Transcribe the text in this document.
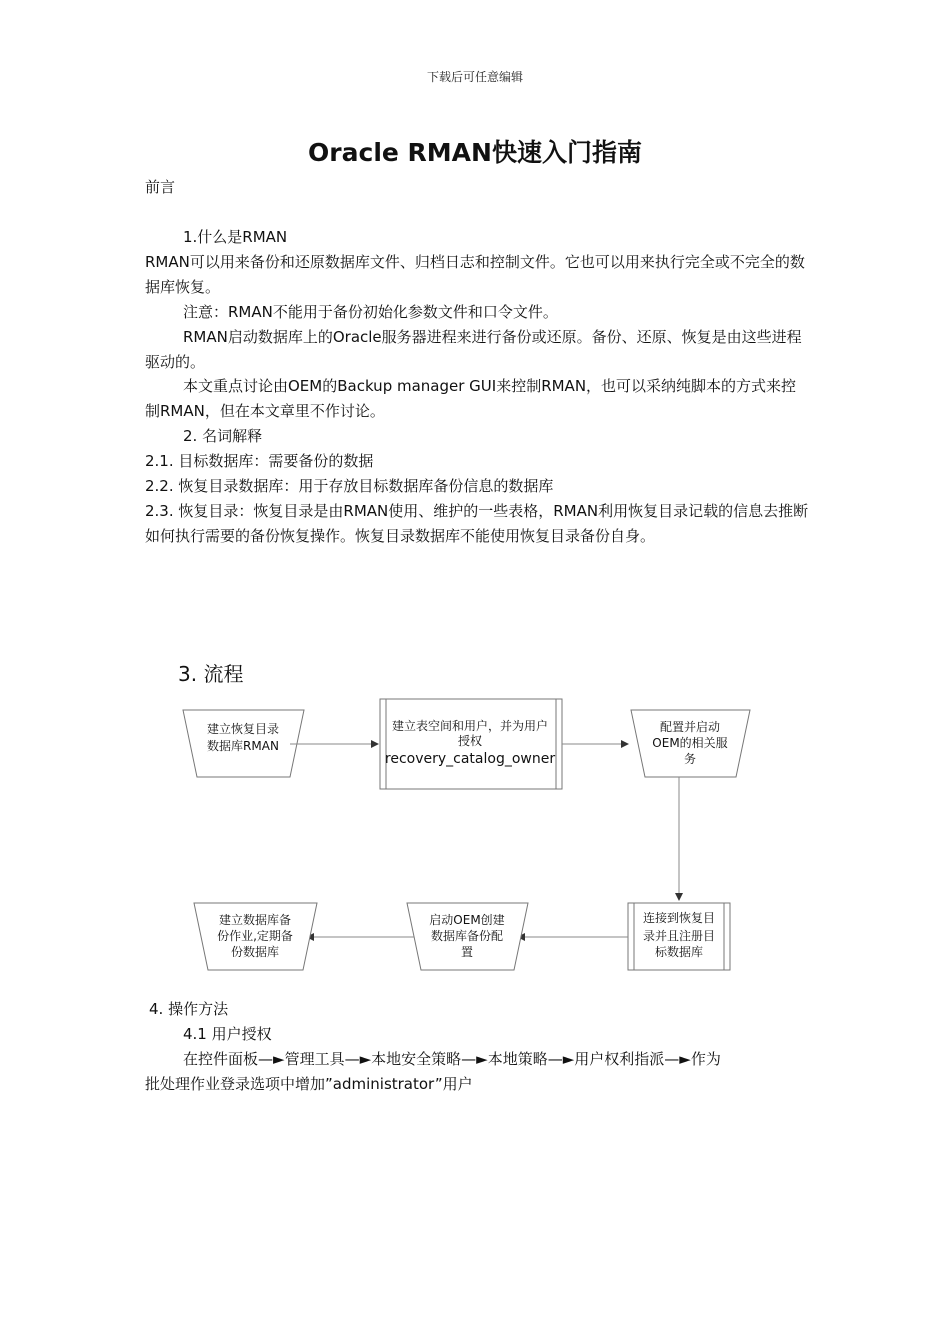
下载后可任意编辑
Oracle RMAN快速入门指南
前言
1.什么是RMAN
RMAN可以用来备份和还原数据库文件、归档日志和控制文件。它也可以用来执行完全或不完全的数据库恢复。
注意：RMAN不能用于备份初始化参数文件和口令文件。
RMAN启动数据库上的Oracle服务器进程来进行备份或还原。备份、还原、恢复是由这些进程驱动的。
本文重点讨论由OEM的Backup manager GUI来控制RMAN，也可以采纳纯脚本的方式来控制RMAN，但在本文章里不作讨论。
2. 名词解释
2.1. 目标数据库：需要备份的数据
2.2. 恢复目录数据库：用于存放目标数据库备份信息的数据库
2.3. 恢复目录：恢复目录是由RMAN使用、维护的一些表格，RMAN利用恢复目录记载的信息去推断如何执行需要的备份恢复操作。恢复目录数据库不能使用恢复目录备份自身。
3. 流程
建立恢复目录
数据库RMAN
建立表空间和用户，并为用户
授权
recovery_catalog_owner
配置并启动
OEM的相关服
务
连接到恢复目
录并且注册目
标数据库
启动OEM创建
数据库备份配
置
建立数据库备
份作业,定期备
份数据库
4. 操作方法
4.1 用户授权
在控件面板—►管理工具—►本地安全策略—►本地策略—►用户权利指派—►作为
批处理作业登录选项中增加”administrator”用户
